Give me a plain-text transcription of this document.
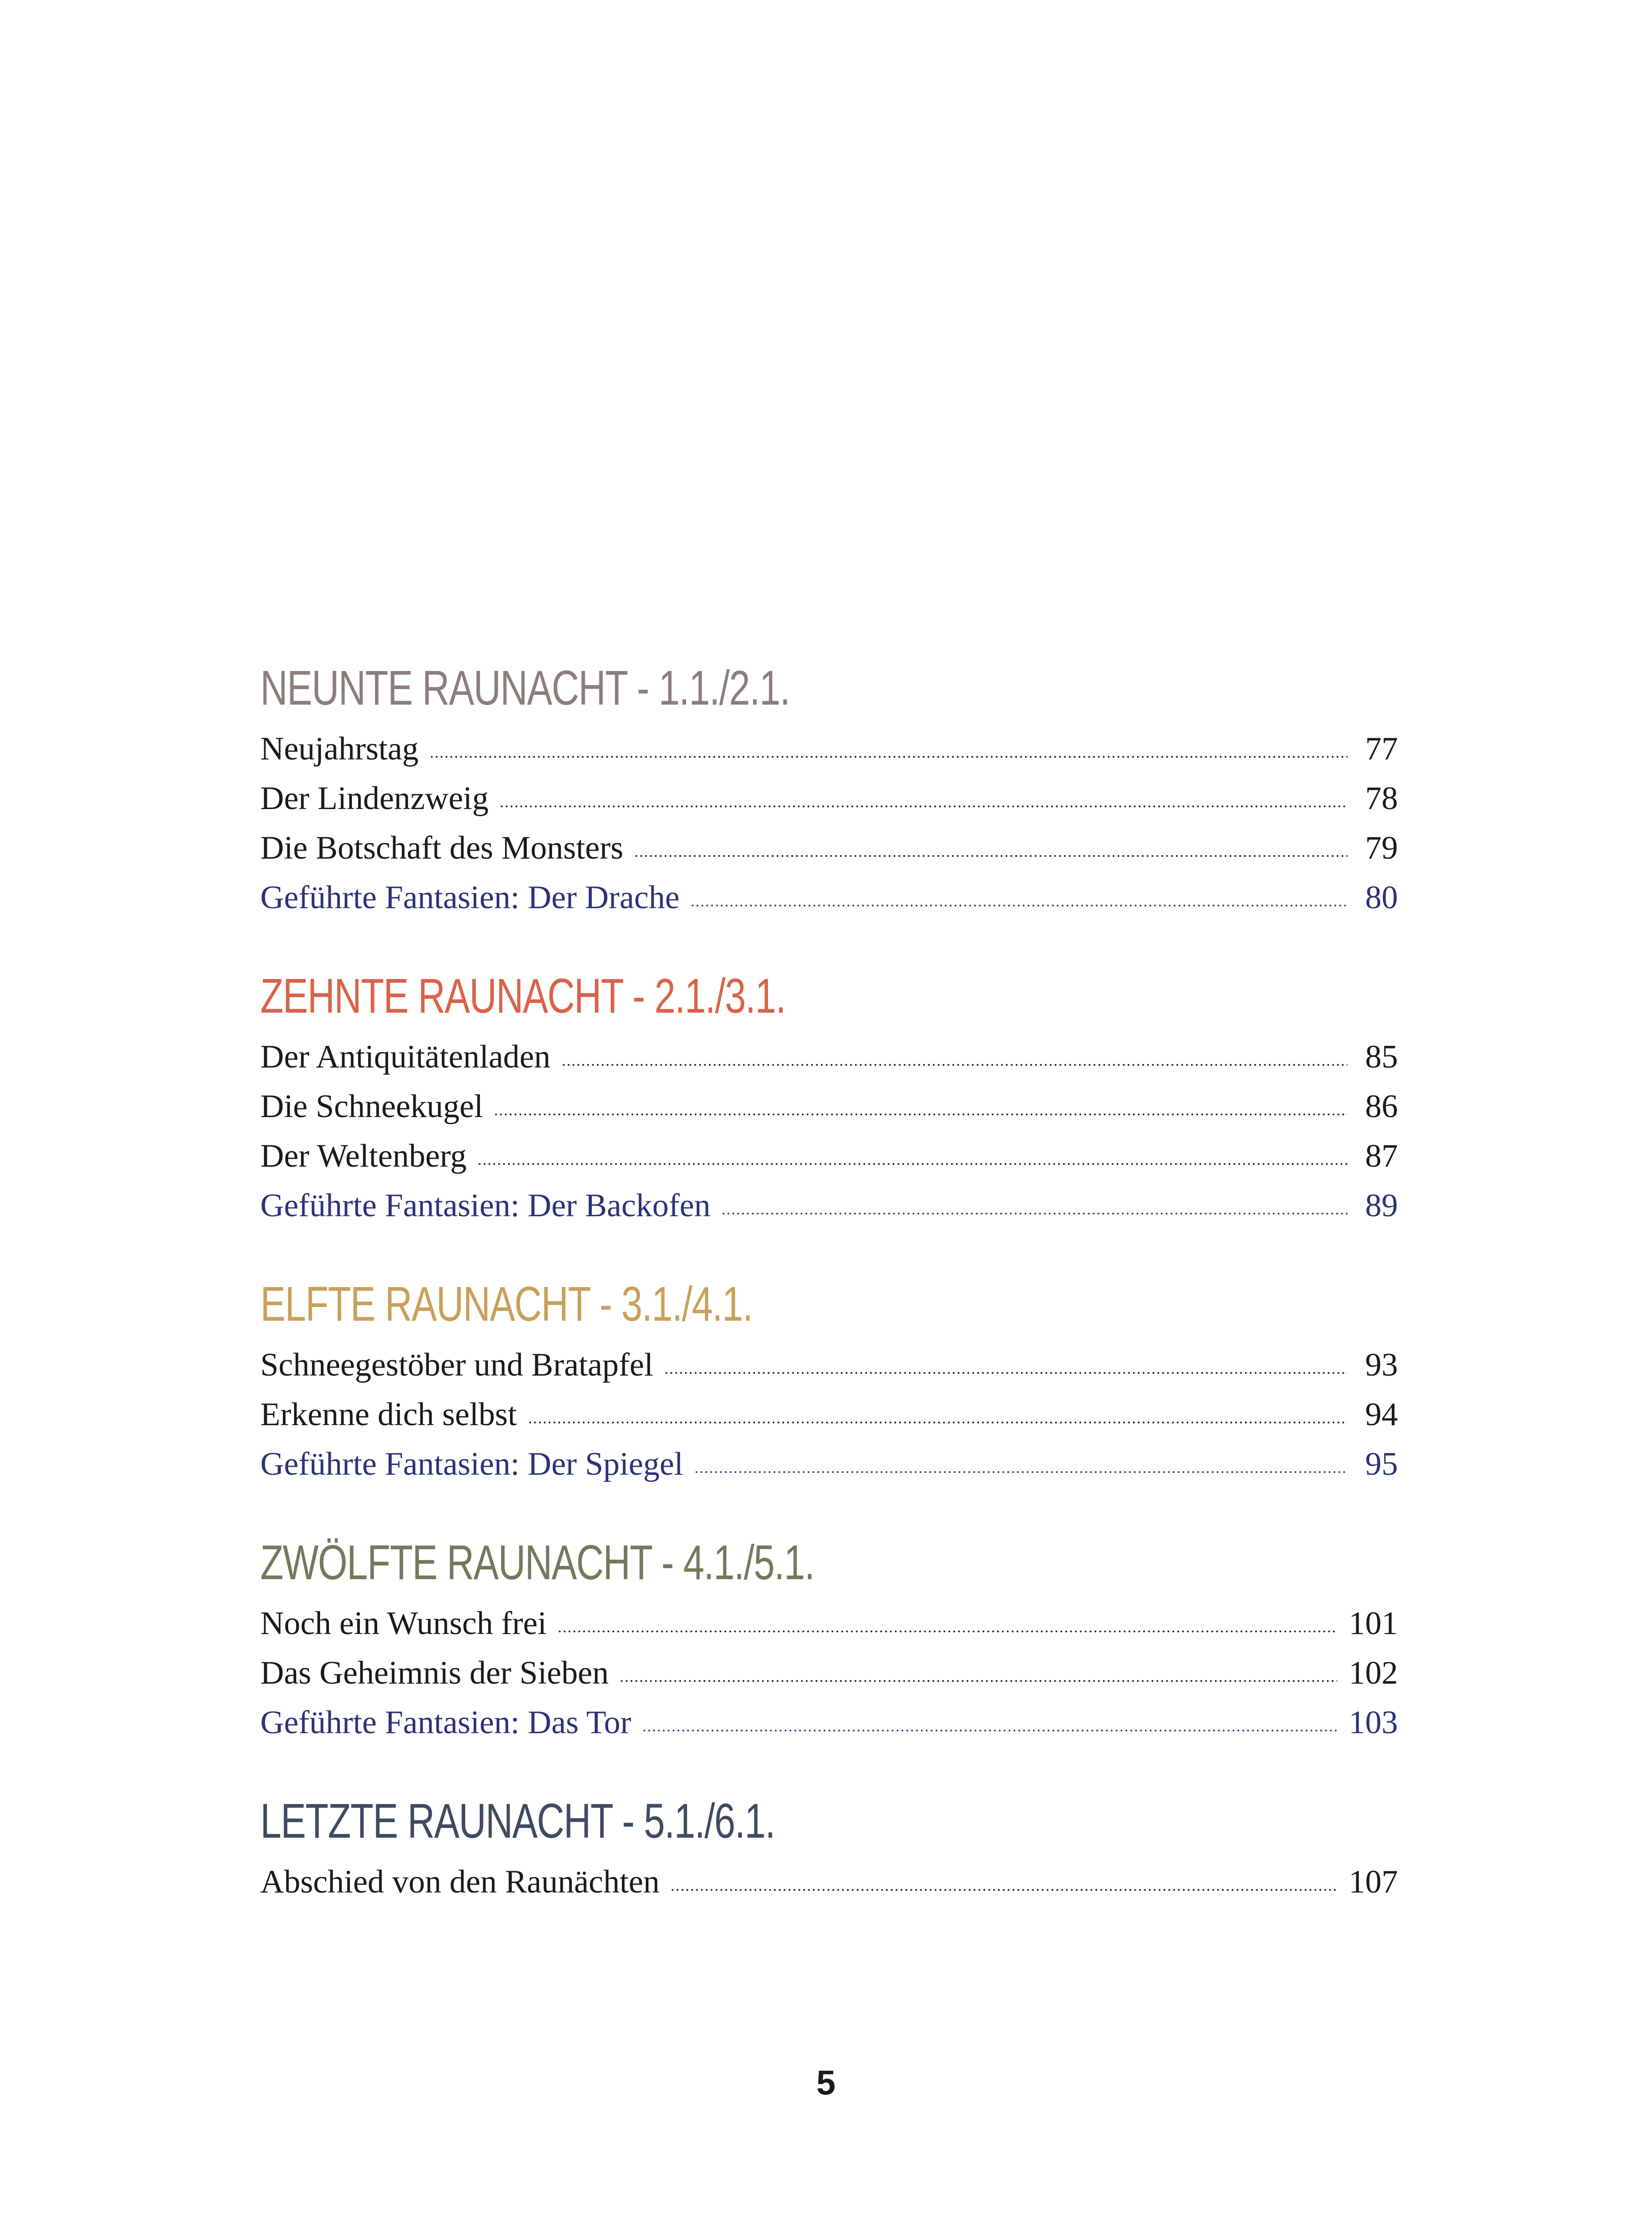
NEUNTE RAUNACHT - 1.1./2.1.
Neujahrstag	77
Der Lindenzweig	78
Die Botschaft des Monsters	79
Geführte Fantasien: Der Drache	80
ZEHNTE RAUNACHT - 2.1./3.1.
Der Antiquitätenladen	85
Die Schneekugel	86
Der Weltenberg	87
Geführte Fantasien: Der Backofen	89
ELFTE RAUNACHT - 3.1./4.1.
Schneegestöber und Bratapfel	93
Erkenne dich selbst	94
Geführte Fantasien: Der Spiegel	95
ZWÖLFTE RAUNACHT - 4.1./5.1.
Noch ein Wunsch frei	101
Das Geheimnis der Sieben	102
Geführte Fantasien: Das Tor	103
LETZTE RAUNACHT - 5.1./6.1.
Abschied von den Raunächten	107
5
